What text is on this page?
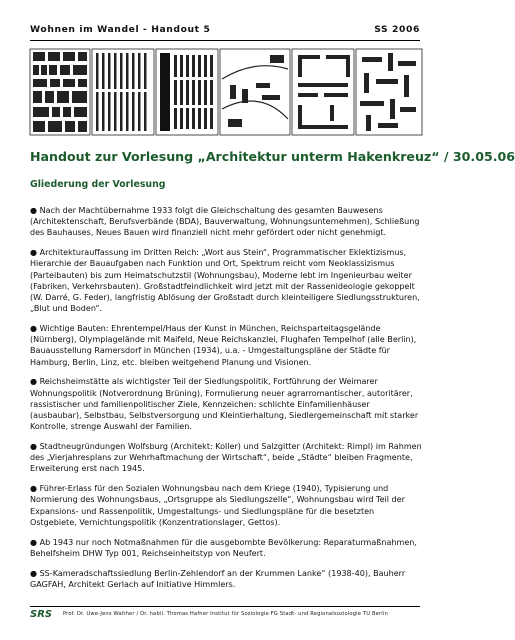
Wohnen im Wandel - Handout 5	SS 2006
Handout zur Vorlesung „Architektur unterm Hakenkreuz“ / 30.05.06
Gliederung der Vorlesung

● Nach der Machtübernahme 1933 folgt die Gleichschaltung des gesamten Bauwesens (Architektenschaft, Berufsverbände (BDA), Bauverwaltung, Wohnungsunternehmen), Schließung des Bauhauses, Neues Bauen wird finanziell nicht mehr gefördert oder nicht genehmigt.

● Architekturauffassung im Dritten Reich: „Wort aus Stein“, Programmatischer Eklektizismus, Hierarchie der Bauaufgaben nach Funktion und Ort, Spektrum reicht vom Neoklassizismus (Parteibauten) bis zum Heimatschutzstil (Wohnungsbau), Moderne lebt im Ingenieurbau weiter (Fabriken, Verkehrsbauten). Großstadtfeindlichkeit wird jetzt mit der Rassenideologie gekoppelt (W. Darré, G. Feder), langfristig Ablösung der Großstadt durch kleinteiligere Siedlungsstrukturen, „Blut und Boden“.

● Wichtige Bauten: Ehrentempel/Haus der Kunst in München, Reichsparteitagsgelände (Nürnberg), Olympiagelände mit Maifeld, Neue Reichskanzlei, Flughafen Tempelhof (alle Berlin), Bauausstellung Ramersdorf in München (1934), u.a. - Umgestaltungspläne der Städte für Hamburg, Berlin, Linz, etc. bleiben weitgehend Planung und Visionen.

● Reichsheimstätte als wichtigster Teil der Siedlungspolitik, Fortführung der Weimarer Wohnungspolitik (Notverordnung Brüning), Formulierung neuer agrarromantischer, autoritärer, rassistischer und familienpolitischer Ziele, Kennzeichen: schlichte Einfamilienhäuser (ausbaubar), Selbstbau, Selbstversorgung und Kleintierhaltung, Siedlergemeinschaft mit starker Kontrolle, strenge Auswahl der Familien.

● Stadtneugründungen Wolfsburg (Architekt: Koller) und Salzgitter (Architekt: Rimpl) im Rahmen des „Vierjahresplans zur Wehrhaftmachung der Wirtschaft“, beide „Städte“ bleiben Fragmente, Erweiterung erst nach 1945.

● Führer-Erlass für den Sozialen Wohnungsbau nach dem Kriege (1940), Typisierung und Normierung des Wohnungsbaus, „Ortsgruppe als Siedlungszelle“, Wohnungsbau wird Teil der Expansions- und Rassenpolitik, Umgestaltungs- und Siedlungspläne für die besetzten Ostgebiete, Vernichtungspolitik (Konzentrationslager, Gettos).

● Ab 1943 nur noch Notmaßnahmen für die ausgebombte Bevölkerung: Reparaturmaßnahmen, Behelfsheim DHW Typ 001, Reichseinheitstyp von Neufert.

● SS-Kameradschaftssiedlung Berlin-Zehlendorf an der Krummen Lanke“ (1938-40), Bauherr GAGFAH, Architekt Gerlach auf Initiative Himmlers.

SRS Prof. Dr. Uwe-Jens Walther / Dr. habil. Thomas Hafner Institut für Soziologie FG Stadt- und Regionalsoziologie TU Berlin
